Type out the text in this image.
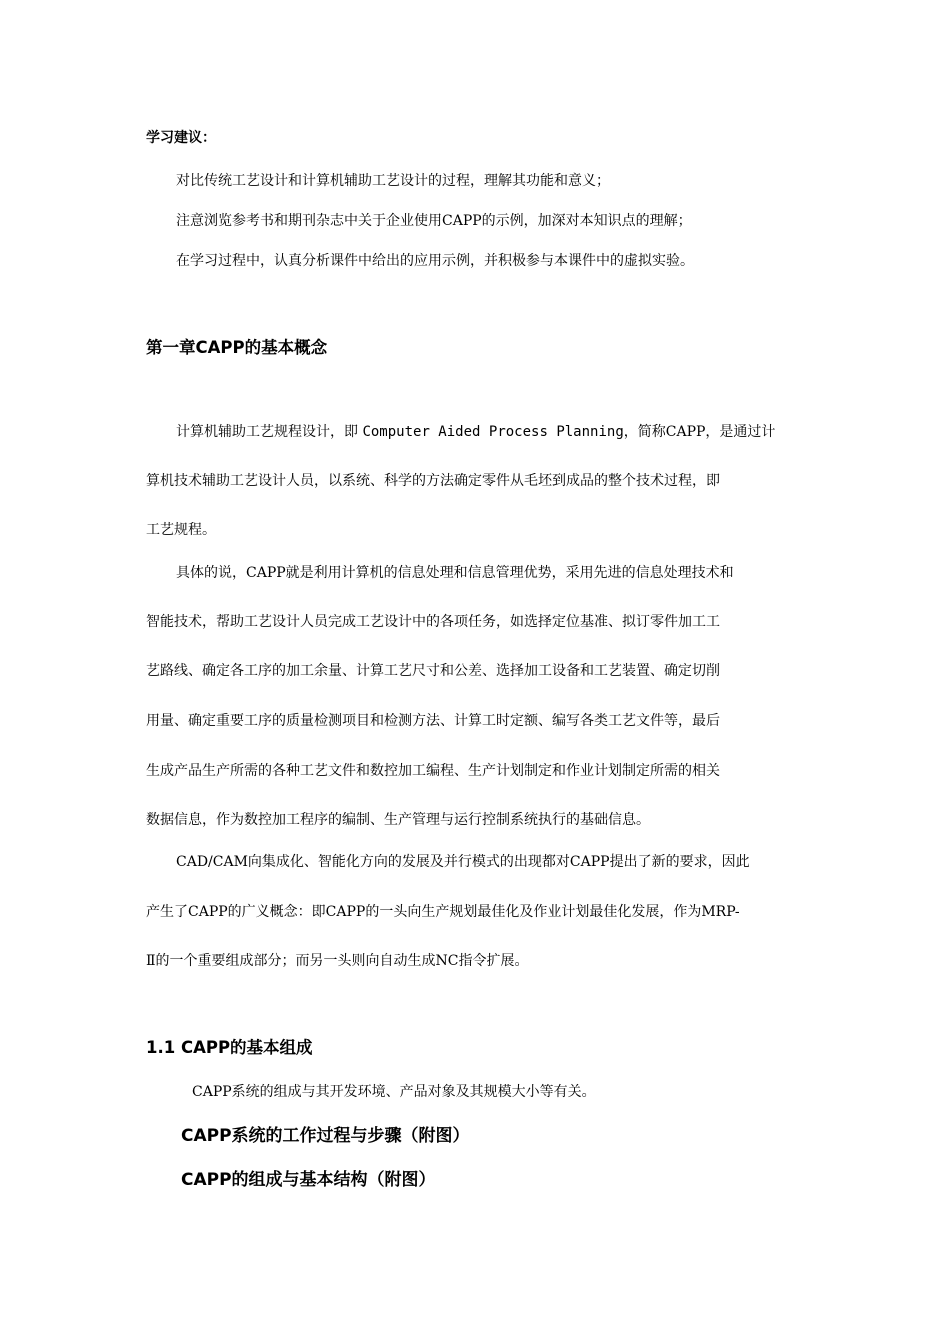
学习建议：

对比传统工艺设计和计算机辅助工艺设计的过程，理解其功能和意义；

注意浏览参考书和期刊杂志中关于企业使用CAPP的示例，加深对本知识点的理解；

在学习过程中，认真分析课件中给出的应用示例，并积极参与本课件中的虚拟实验。

第一章CAPP的基本概念

计算机辅助工艺规程设计，即 Computer Aided Process Planning，简称CAPP，是通过计

算机技术辅助工艺设计人员，以系统、科学的方法确定零件从毛坯到成品的整个技术过程，即

工艺规程。

具体的说，CAPP就是利用计算机的信息处理和信息管理优势，采用先进的信息处理技术和

智能技术，帮助工艺设计人员完成工艺设计中的各项任务，如选择定位基准、拟订零件加工工

艺路线、确定各工序的加工余量、计算工艺尺寸和公差、选择加工设备和工艺装置、确定切削

用量、确定重要工序的质量检测项目和检测方法、计算工时定额、编写各类工艺文件等，最后

生成产品生产所需的各种工艺文件和数控加工编程、生产计划制定和作业计划制定所需的相关

数据信息，作为数控加工程序的编制、生产管理与运行控制系统执行的基础信息。

CAD/CAM向集成化、智能化方向的发展及并行模式的出现都对CAPP提出了新的要求，因此

产生了CAPP的广义概念：即CAPP的一头向生产规划最佳化及作业计划最佳化发展，作为MRP-

Ⅱ的一个重要组成部分；而另一头则向自动生成NC指令扩展。

1.1 CAPP的基本组成

CAPP系统的组成与其开发环境、产品对象及其规模大小等有关。

CAPP系统的工作过程与步骤（附图）

CAPP的组成与基本结构（附图）
